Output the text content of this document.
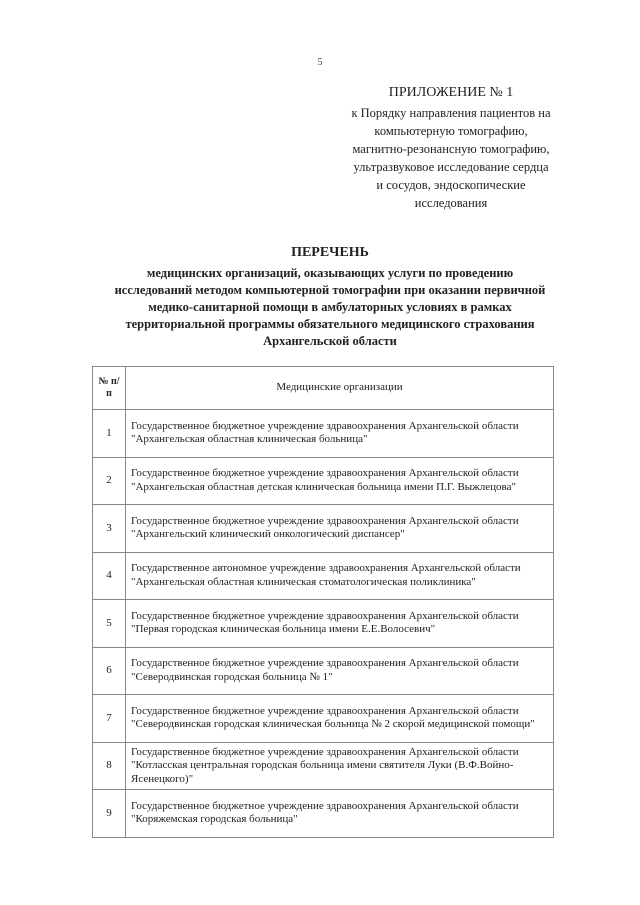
5
ПРИЛОЖЕНИЕ № 1
к Порядку направления пациентов на
компьютерную томографию,
магнитно-резонансную томографию,
ультразвуковое исследование сердца
и сосудов, эндоскопические
исследования
ПЕРЕЧЕНЬ
медицинских организаций, оказывающих услуги по проведению исследований методом компьютерной томографии при оказании первичной медико-санитарной помощи в амбулаторных условиях в рамках территориальной программы обязательного медицинского страхования Архангельской области
№ п/п	Медицинские организации
1	Государственное бюджетное учреждение здравоохранения Архангельской области "Архангельская областная клиническая больница"
2	Государственное бюджетное учреждение здравоохранения Архангельской области "Архангельская областная детская клиническая больница имени П.Г. Выжлецова"
3	Государственное бюджетное учреждение здравоохранения Архангельской области "Архангельский клинический онкологический диспансер"
4	Государственное автономное учреждение здравоохранения Архангельской области "Архангельская областная клиническая стоматологическая поликлиника"
5	Государственное бюджетное учреждение здравоохранения Архангельской области "Первая городская клиническая больница имени Е.Е.Волосевич"
6	Государственное бюджетное учреждение здравоохранения Архангельской области "Северодвинская городская больница № 1"
7	Государственное бюджетное учреждение здравоохранения Архангельской области "Северодвинская городская клиническая больница № 2 скорой медицинской помощи"
8	Государственное бюджетное учреждение здравоохранения Архангельской области "Котласская центральная городская больница имени святителя Луки (В.Ф.Войно-Ясенецкого)"
9	Государственное бюджетное учреждение здравоохранения Архангельской области "Коряжемская городская больница"
